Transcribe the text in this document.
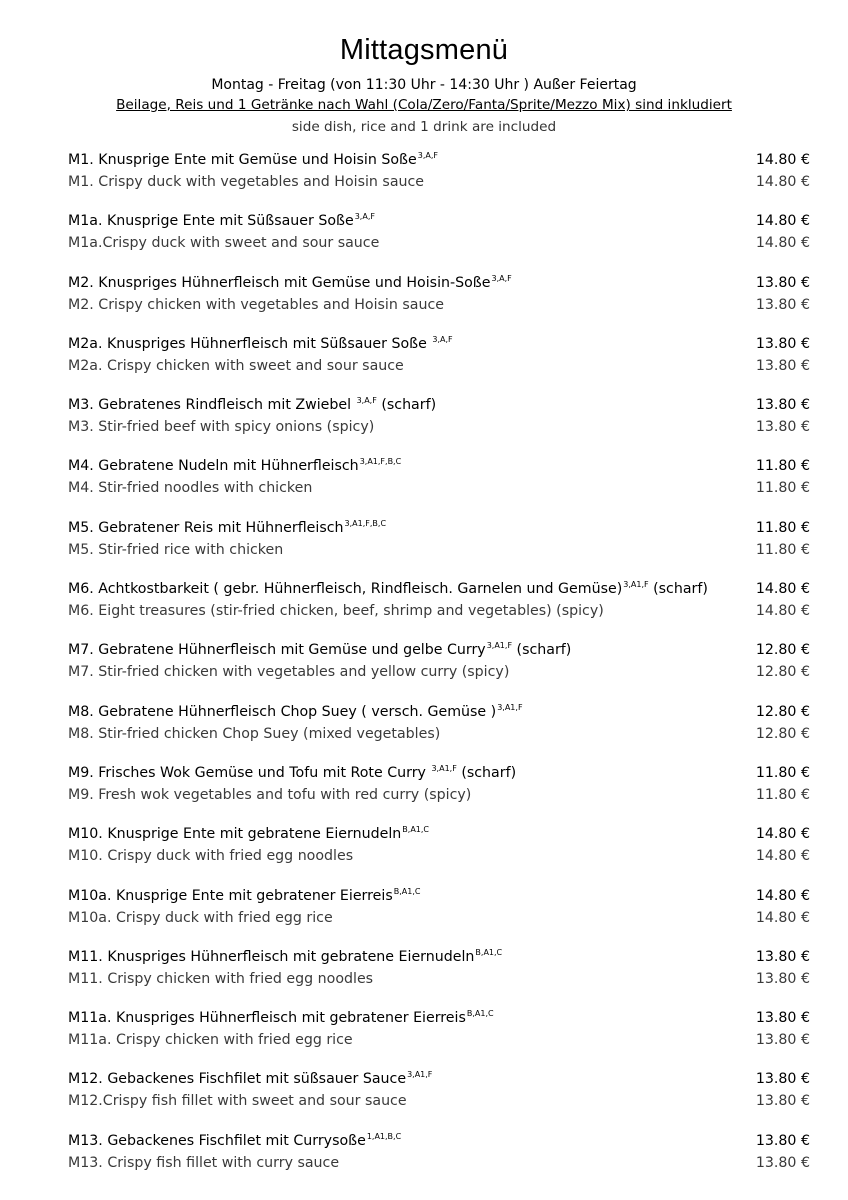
Mittagsmenü
Montag - Freitag (von 11:30 Uhr - 14:30 Uhr ) Außer Feiertag
Beilage, Reis und 1 Getränke nach Wahl (Cola/Zero/Fanta/Sprite/Mezzo Mix) sind inkludiert
side dish, rice and 1 drink are included
M1. Knusprige Ente mit Gemüse und Hoisin Soße$^{3,A,F}$	14.80 €
M1. Crispy duck with vegetables and Hoisin sauce	14.80 €
M1a. Knusprige Ente mit Süßsauer Soße$^{3,A,F}$	14.80 €
M1a.Crispy duck with sweet and sour sauce	14.80 €
M2. Knuspriges Hühnerfleisch mit Gemüse und Hoisin-Soße$^{3,A,F}$	13.80 €
M2. Crispy chicken with vegetables and Hoisin sauce	13.80 €
M2a. Knuspriges Hühnerfleisch mit Süßsauer Soße $^{3,A,F}$	13.80 €
M2a. Crispy chicken with sweet and sour sauce	13.80 €
M3. Gebratenes Rindfleisch mit Zwiebel $^{3,A,F}$ (scharf)	13.80 €
M3. Stir-fried beef with spicy onions (spicy)	13.80 €
M4. Gebratene Nudeln mit Hühnerfleisch$^{3,A1,F,B,C}$	11.80 €
M4. Stir-fried noodles with chicken	11.80 €
M5. Gebratener Reis mit Hühnerfleisch$^{3,A1,F,B,C}$	11.80 €
M5. Stir-fried rice with chicken	11.80 €
M6. Achtkostbarkeit ( gebr. Hühnerfleisch, Rindfleisch. Garnelen und Gemüse)$^{3,A1,F}$ (scharf)	14.80 €
M6. Eight treasures (stir-fried chicken, beef, shrimp and vegetables) (spicy)	14.80 €
M7. Gebratene Hühnerfleisch mit Gemüse und gelbe Curry$^{3,A1,F}$ (scharf)	12.80 €
M7. Stir-fried chicken with vegetables and yellow curry (spicy)	12.80 €
M8. Gebratene Hühnerfleisch Chop Suey ( versch. Gemüse )$^{3,A1,F}$	12.80 €
M8. Stir-fried chicken Chop Suey (mixed vegetables)	12.80 €
M9. Frisches Wok Gemüse und Tofu mit Rote Curry $^{3,A1,F}$ (scharf)	11.80 €
M9. Fresh wok vegetables and tofu with red curry (spicy)	11.80 €
M10. Knusprige Ente mit gebratene Eiernudeln$^{B,A1,C}$	14.80 €
M10. Crispy duck with fried egg noodles	14.80 €
M10a. Knusprige Ente mit gebratener Eierreis$^{B,A1,C}$	14.80 €
M10a. Crispy duck with fried egg rice	14.80 €
M11. Knuspriges Hühnerfleisch mit gebratene Eiernudeln$^{B,A1,C}$	13.80 €
M11. Crispy chicken with fried egg noodles	13.80 €
M11a. Knuspriges Hühnerfleisch mit gebratener Eierreis$^{B,A1,C}$	13.80 €
M11a. Crispy chicken with fried egg rice	13.80 €
M12. Gebackenes Fischfilet mit süßsauer Sauce$^{3,A1,F}$	13.80 €
M12.Crispy fish fillet with sweet and sour sauce	13.80 €
M13. Gebackenes Fischfilet mit Currysoße$^{1,A1,B,C}$	13.80 €
M13. Crispy fish fillet with curry sauce	13.80 €
